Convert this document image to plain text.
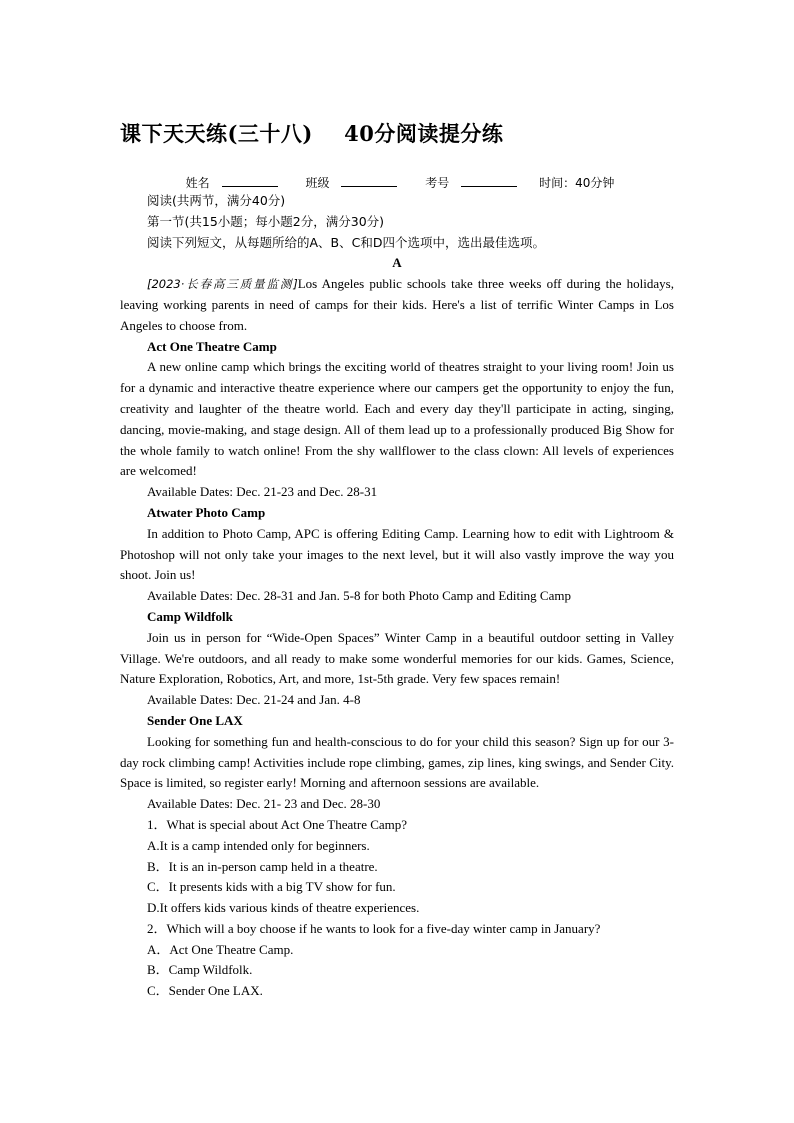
课下天天练(三十八)    40分阅读提分练
姓名	班级	考号	时间：40分钟

阅读(共两节，满分40分)

第一节(共15小题；每小题2分，满分30分)

阅读下列短文，从每题所给的A、B、C和D四个选项中，选出最佳选项。

A

[2023·长春高三质量监测]Los Angeles public schools take three weeks off during the holidays, leaving working parents in need of camps for their kids. Here's a list of terrific Winter Camps in Los Angeles to choose from.

Act One Theatre Camp

A new online camp which brings the exciting world of theatres straight to your living room! Join us for a dynamic and interactive theatre experience where our campers get the opportunity to enjoy the fun, creativity and laughter of the theatre world. Each and every day they'll participate in acting, singing, dancing, movie-making, and stage design. All of them lead up to a professionally produced Big Show for the whole family to watch online! From the shy wallflower to the class clown: All levels of experiences are welcomed!

Available Dates: Dec. 21-23 and Dec. 28-31

Atwater Photo Camp

In addition to Photo Camp, APC is offering Editing Camp. Learning how to edit with Lightroom & Photoshop will not only take your images to the next level, but it will also vastly improve the way you shoot. Join us!

Available Dates: Dec. 28-31 and Jan. 5-8 for both Photo Camp and Editing Camp

Camp Wildfolk

Join us in person for “Wide-Open Spaces” Winter Camp in a beautiful outdoor setting in Valley Village. We're outdoors, and all ready to make some wonderful memories for our kids. Games, Science, Nature Exploration, Robotics, Art, and more, 1st-5th grade. Very few spaces remain!

Available Dates: Dec. 21-24 and Jan. 4-8

Sender One LAX

Looking for something fun and health-conscious to do for your child this season? Sign up for our 3-day rock climbing camp! Activities include rope climbing, games, zip lines, king swings, and Sender City. Space is limited, so register early! Morning and afternoon sessions are available.

Available Dates: Dec. 21- 23 and Dec. 28-30

1．What is special about Act One Theatre Camp?

A.It is a camp intended only for beginners.

B．It is an in-person camp held in a theatre.

C．It presents kids with a big TV show for fun.

D.It offers kids various kinds of theatre experiences.

2．Which will a boy choose if he wants to look for a five-day winter camp in January?

A．Act One Theatre Camp.

B．Camp Wildfolk.

C．Sender One LAX.
